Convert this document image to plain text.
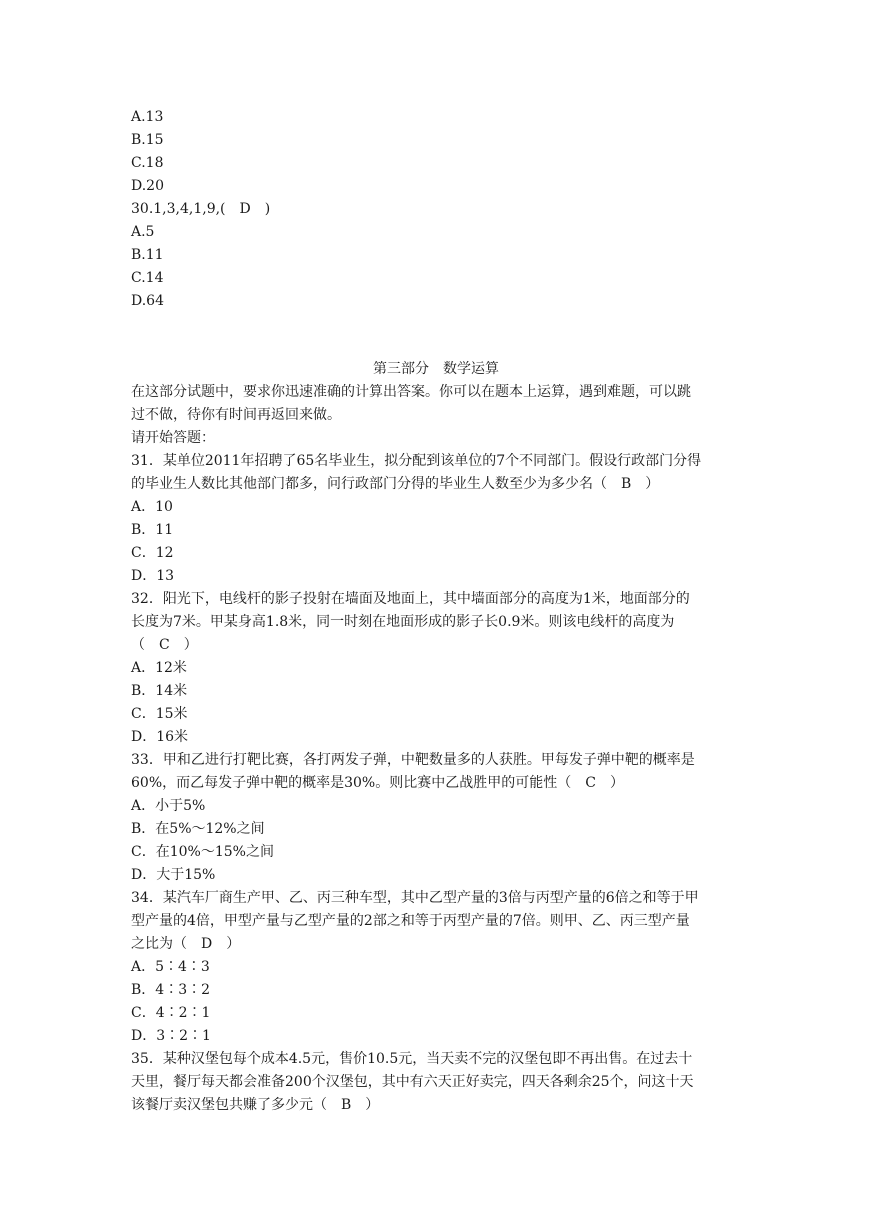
A.13
B.15
C.18
D.20
30.1,3,4,1,9,(　D　)
A.5
B.11
C.14
D.64
第三部分　数学运算
在这部分试题中，要求你迅速准确的计算出答案。你可以在题本上运算，遇到难题，可以跳
过不做，待你有时间再返回来做。
请开始答题：
31．某单位2011年招聘了65名毕业生，拟分配到该单位的7个不同部门。假设行政部门分得
的毕业生人数比其他部门都多，问行政部门分得的毕业生人数至少为多少名（　B　）
A．10
B．11
C．12
D．13
32．阳光下，电线杆的影子投射在墙面及地面上，其中墙面部分的高度为1米，地面部分的
长度为7米。甲某身高1.8米，同一时刻在地面形成的影子长0.9米。则该电线杆的高度为
（　C　）
A．12米
B．14米
C．15米
D．16米
33．甲和乙进行打靶比赛，各打两发子弹，中靶数量多的人获胜。甲每发子弹中靶的概率是
60%，而乙每发子弹中靶的概率是30%。则比赛中乙战胜甲的可能性（　C　）
A．小于5%
B．在5%～12%之间
C．在10%～15%之间
D．大于15%
34．某汽车厂商生产甲、乙、丙三种车型，其中乙型产量的3倍与丙型产量的6倍之和等于甲
型产量的4倍，甲型产量与乙型产量的2部之和等于丙型产量的7倍。则甲、乙、丙三型产量
之比为（　D　）
A．5∶4∶3
B．4∶3∶2
C．4∶2∶1
D．3∶2∶1
35．某种汉堡包每个成本4.5元，售价10.5元，当天卖不完的汉堡包即不再出售。在过去十
天里，餐厅每天都会准备200个汉堡包，其中有六天正好卖完，四天各剩余25个，问这十天
该餐厅卖汉堡包共赚了多少元（　B　）
